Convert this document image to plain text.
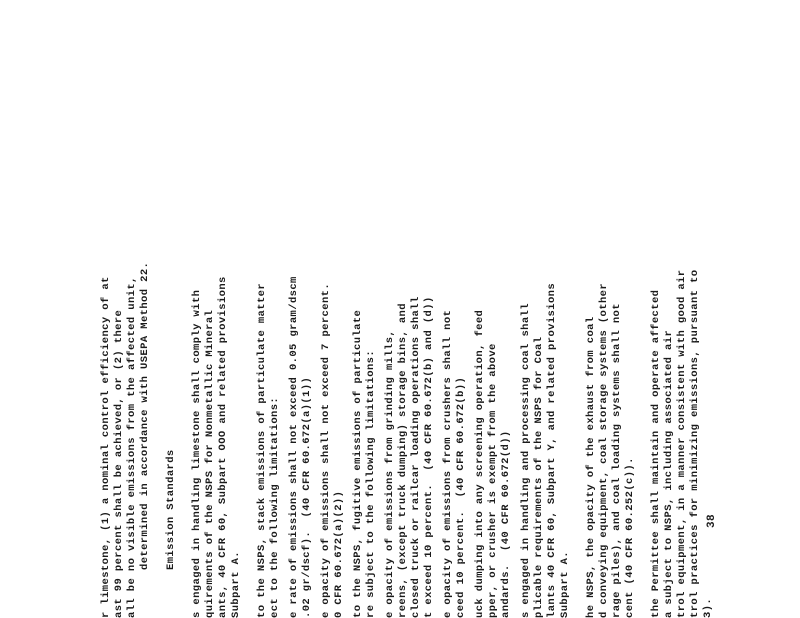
r limestone, (1) a nominal control efficiency of at ast 99 percent shall be achieved, or (2) there all be no visible emissions from the affected unit, determined in accordance with USEPA Method 22. Emission Standards s engaged in handling limestone shall comply with quirements of the NSPS for Nonmetallic Mineral ants, 40 CFR 60, Subpart OOO and related provisions Subpart A. to the NSPS, stack emissions of particulate matter ect to the following limitations: e rate of emissions shall not exceed 0.05 gram/dscm .02 gr/dscf).  (40 CFR 60.672(a)(1)) e opacity of emissions shall not exceed 7 percent. 0 CFR 60.672(a)(2)) to the NSPS, fugitive emissions of particulate re subject to the following limitations: e opacity of emissions from grinding mills, reens, (except truck dumping) storage bins, and closed truck or railcar loading operations shall t exceed 10 percent.  (40 CFR 60.672(b) and (d)) e opacity of emissions from crushers shall not ceed 10 percent.  (40 CFR 60.672(b)) uck dumping into any screening operation, feed pper, or crusher is exempt from the above andards.  (40 CFR 60.672(d)) s engaged in handling and processing coal shall plicable requirements of the NSPS for Coal lants 40 CFR 60, Subpart Y, and related provisions Subpart A. he NSPS, the opacity of the exhaust from coal d conveying equipment, coal storage systems (other rage piles), and coal loading systems shall not cent (40 CFR 60.252(c)). the Permittee shall maintain and operate affected a subject to NSPS, including associated air trol equipment, in a manner consistent with good air trol practices for minimizing emissions, pursuant to 3).
38
